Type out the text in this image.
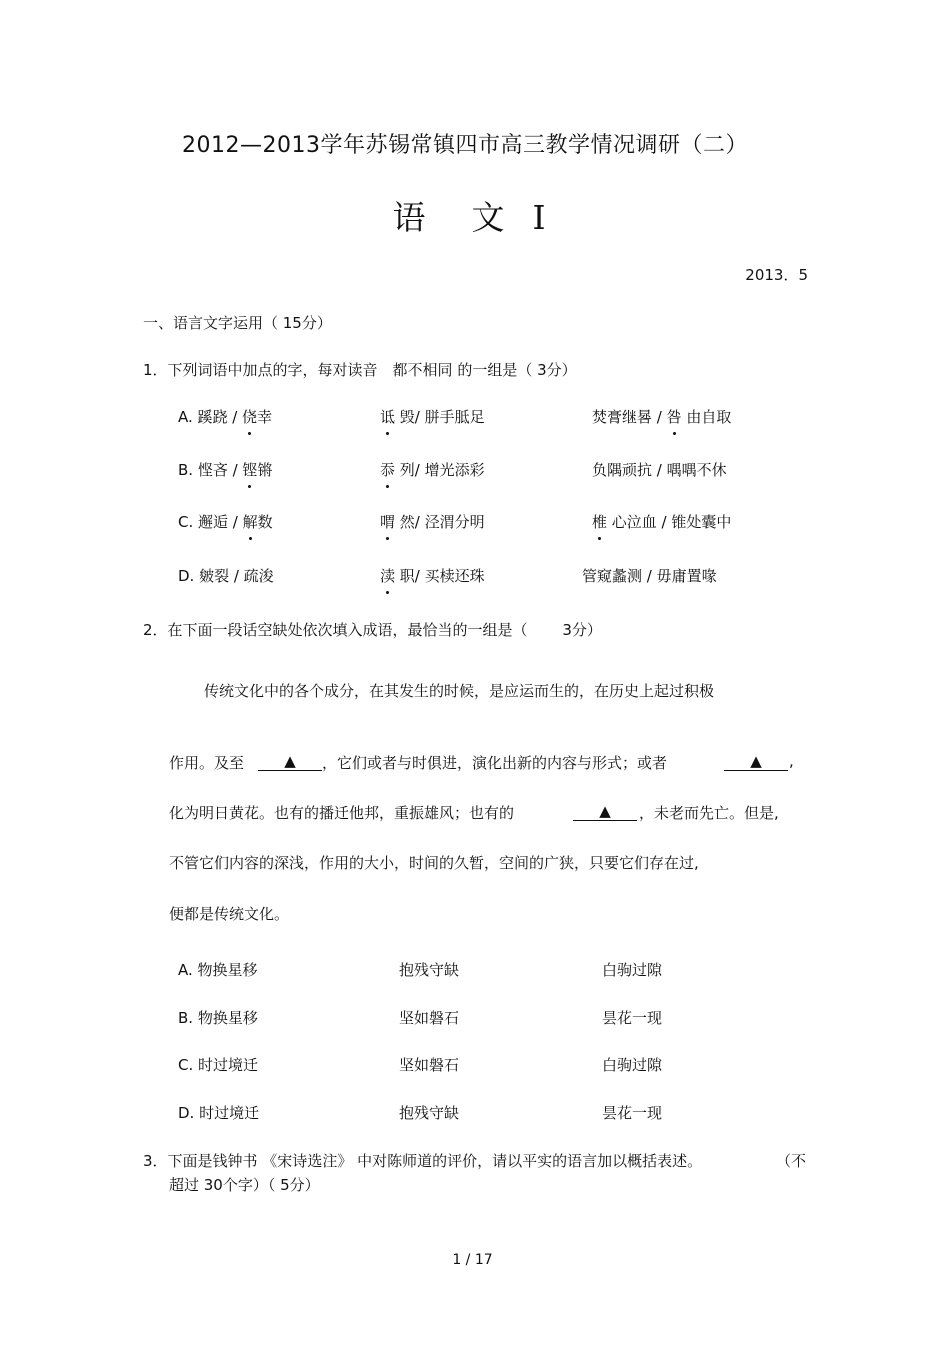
2012—2013学年苏锡常镇四市高三教学情况调研（二）
语 文 I
2013．5
一、语言文字运用（ 15分）
1．下列词语中加点的字，每对读音　都不相同 的一组是（ 3分）
A. 蹊跷 / 侥幸	诋 毁/ 胼手胝足	焚膏继晷 / 咎 由自取
B. 悭吝 / 铿锵	忝 列/ 增光添彩	负隅顽抗 / 喁喁不休
C. 邂逅 / 解数	喟 然/ 泾渭分明	椎 心泣血 / 锥处囊中
D. 皴裂 / 疏浚	渎 职/ 买椟还珠	管窥蠡测 / 毋庸置喙
2．在下面一段话空缺处依次填入成语，最恰当的一组是（　　 3分）
传统文化中的各个成分，在其发生的时候，是应运而生的，在历史上起过积极
作用。及至	▲	，它们或者与时俱进，演化出新的内容与形式；或者	▲	,
化为明日黄花。也有的播迁他邦，重振雄风；也有的	▲	，未老而先亡。但是,
不管它们内容的深浅，作用的大小，时间的久暂，空间的广狭，只要它们存在过,
便都是传统文化。
A. 物换星移	抱残守缺	白驹过隙
B. 物换星移	坚如磐石	昙花一现
C. 时过境迁	坚如磐石	白驹过隙
D. 时过境迁	抱残守缺	昙花一现
3．下面是钱钟书 《宋诗选注》 中对陈师道的评价，请以平实的语言加以概括表述。	（不
超过 30个字）（ 5分）
1 / 17
